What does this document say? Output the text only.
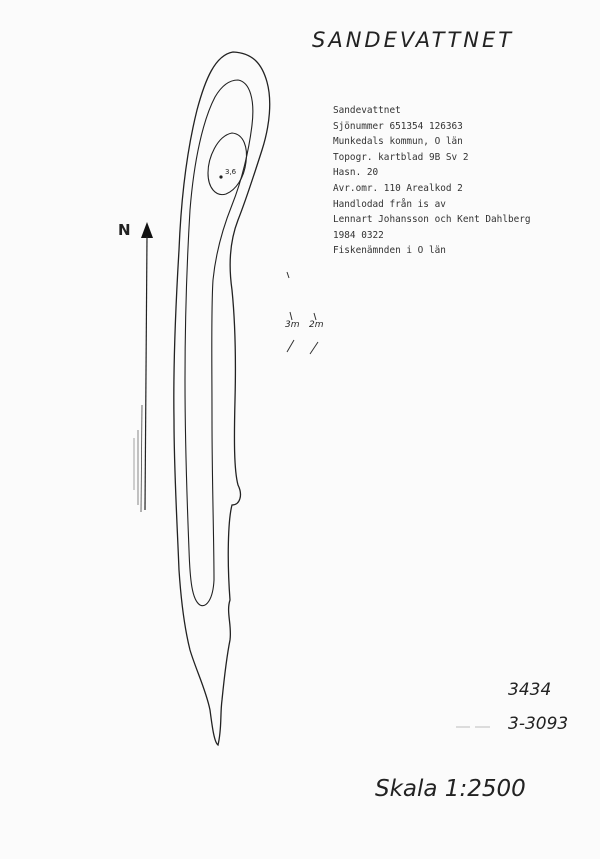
SANDEVATTNET
Sandevattnet
Sjönummer 651354 126363
Munkedals kommun, O län
Topogr. kartblad 9B Sv 2
Hasn. 20
Avr.omr. 110 Arealkod 2
Handlodad från is av
Lennart Johansson och Kent Dahlberg
1984 0322
Fiskenämnden i O län
N
3,6
3m 2m
3434
3-3093
Skala 1:2500
